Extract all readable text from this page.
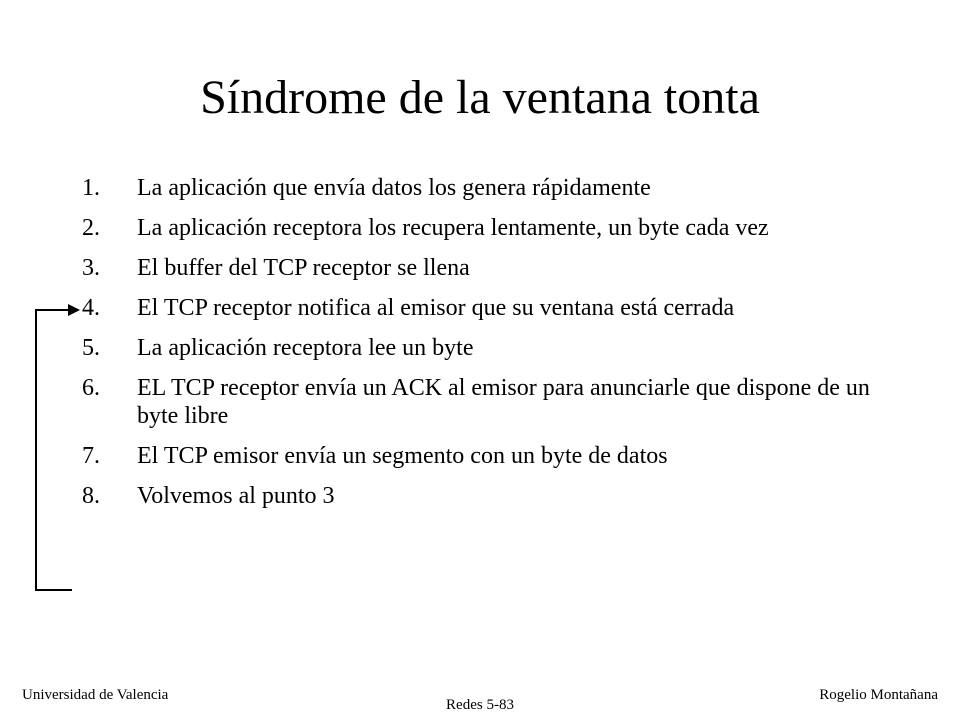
Síndrome de la ventana tonta
1.	La aplicación que envía datos los genera rápidamente
2.	La aplicación receptora los recupera lentamente, un byte cada vez
3.	El buffer del TCP receptor se llena
4.	El TCP receptor notifica al emisor que su ventana está cerrada
5.	La aplicación receptora lee un byte
6.	EL TCP receptor envía un ACK al emisor para anunciarle que dispone de un byte libre
7.	El TCP emisor envía un segmento con un byte de datos
8.	Volvemos al punto 3
Universidad de Valencia
Redes 5-83
Rogelio Montañana
